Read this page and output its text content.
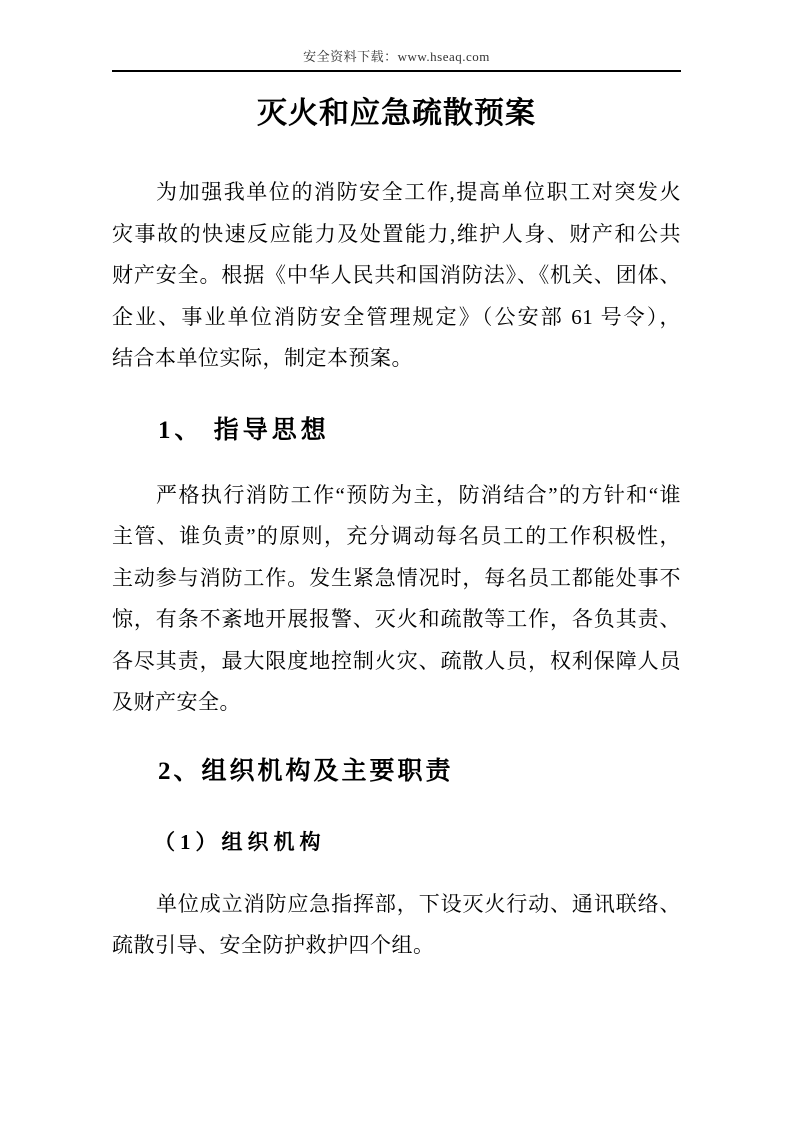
安全资料下载：www.hseaq.com
灭火和应急疏散预案
为加强我单位的消防安全工作,提高单位职工对突发火
灾事故的快速反应能力及处置能力,维护人身、财产和公共
财产安全。根据《中华人民共和国消防法》、《机关、团体、
企业、事业单位消防安全管理规定》（公安部 61 号令），
结合本单位实际，制定本预案。
1、 指导思想
严格执行消防工作“预防为主，防消结合”的方针和“谁
主管、谁负责”的原则，充分调动每名员工的工作积极性，
主动参与消防工作。发生紧急情况时，每名员工都能处事不
惊，有条不紊地开展报警、灭火和疏散等工作，各负其责、
各尽其责，最大限度地控制火灾、疏散人员，权利保障人员
及财产安全。
2、组织机构及主要职责
（1）组织机构
单位成立消防应急指挥部，下设灭火行动、通讯联络、
疏散引导、安全防护救护四个组。
